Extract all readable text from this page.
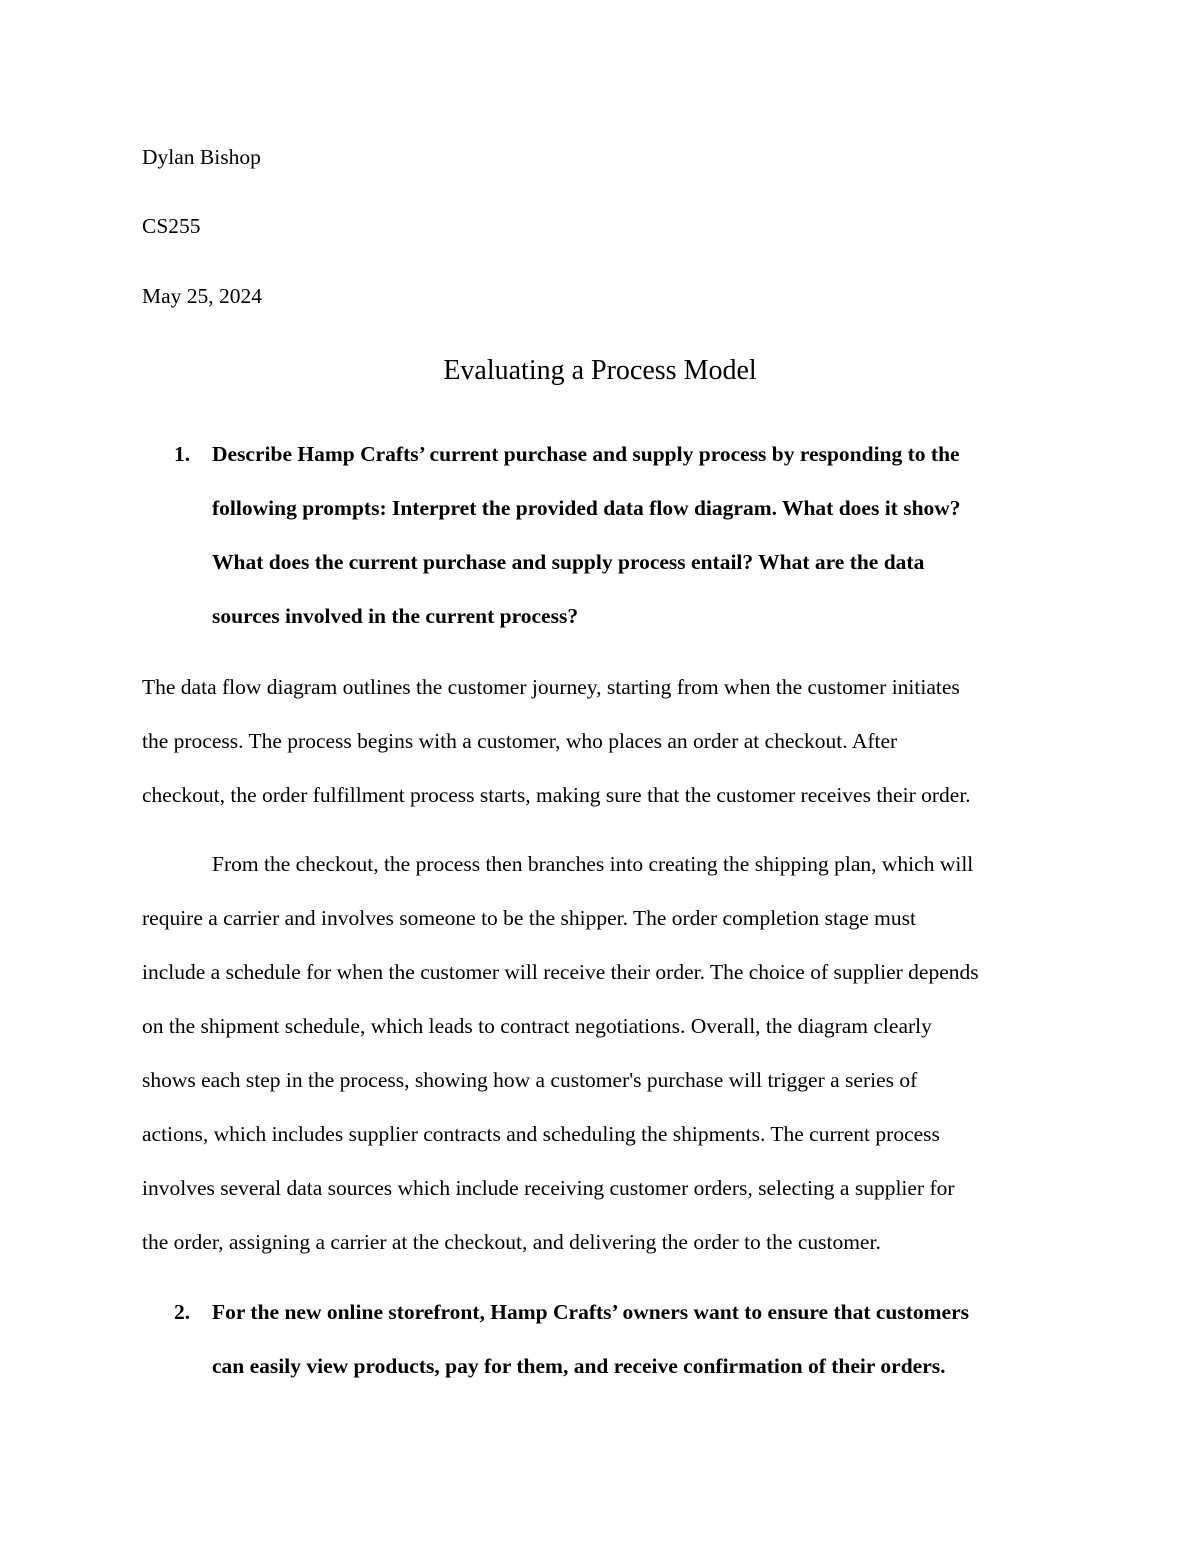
Dylan Bishop
CS255
May 25, 2024
Evaluating a Process Model
1. Describe Hamp Crafts’ current purchase and supply process by responding to the
following prompts: Interpret the provided data flow diagram. What does it show?
What does the current purchase and supply process entail? What are the data
sources involved in the current process?
The data flow diagram outlines the customer journey, starting from when the customer initiates
the process. The process begins with a customer, who places an order at checkout. After
checkout, the order fulfillment process starts, making sure that the customer receives their order.
From the checkout, the process then branches into creating the shipping plan, which will
require a carrier and involves someone to be the shipper. The order completion stage must
include a schedule for when the customer will receive their order. The choice of supplier depends
on the shipment schedule, which leads to contract negotiations. Overall, the diagram clearly
shows each step in the process, showing how a customer's purchase will trigger a series of
actions, which includes supplier contracts and scheduling the shipments. The current process
involves several data sources which include receiving customer orders, selecting a supplier for
the order, assigning a carrier at the checkout, and delivering the order to the customer.
2. For the new online storefront, Hamp Crafts’ owners want to ensure that customers
can easily view products, pay for them, and receive confirmation of their orders.
